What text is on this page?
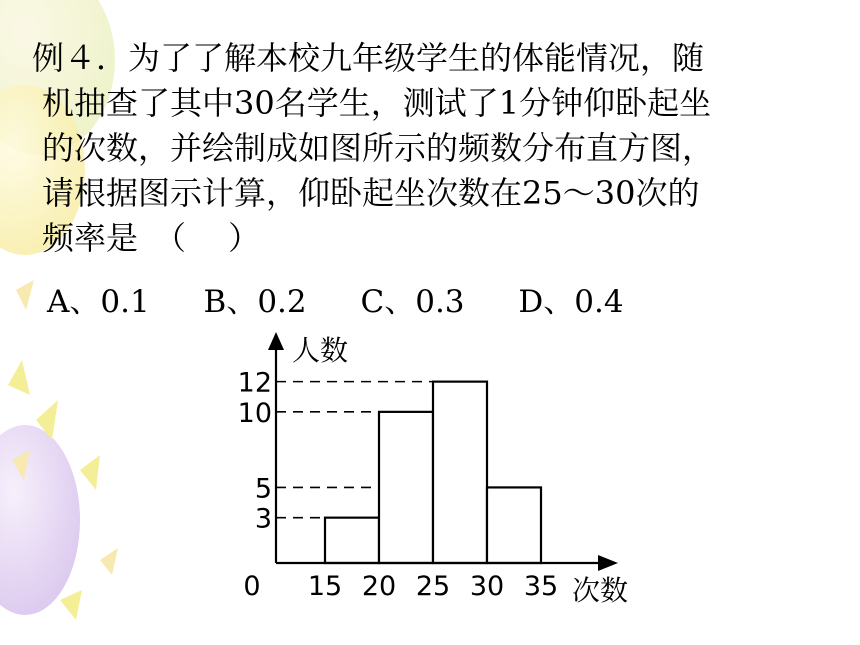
例４．为了了解本校九年级学生的体能情况，随
机抽查了其中30名学生，测试了1分钟仰卧起坐
的次数，并绘制成如图所示的频数分布直方图，
请根据图示计算，仰卧起坐次数在25～30次的
频率是　（　 ）
A、0.1 B、0.2 C、0.3 D、0.4
人数
次数
3
5
10
12
0 15 20 25 30 35
